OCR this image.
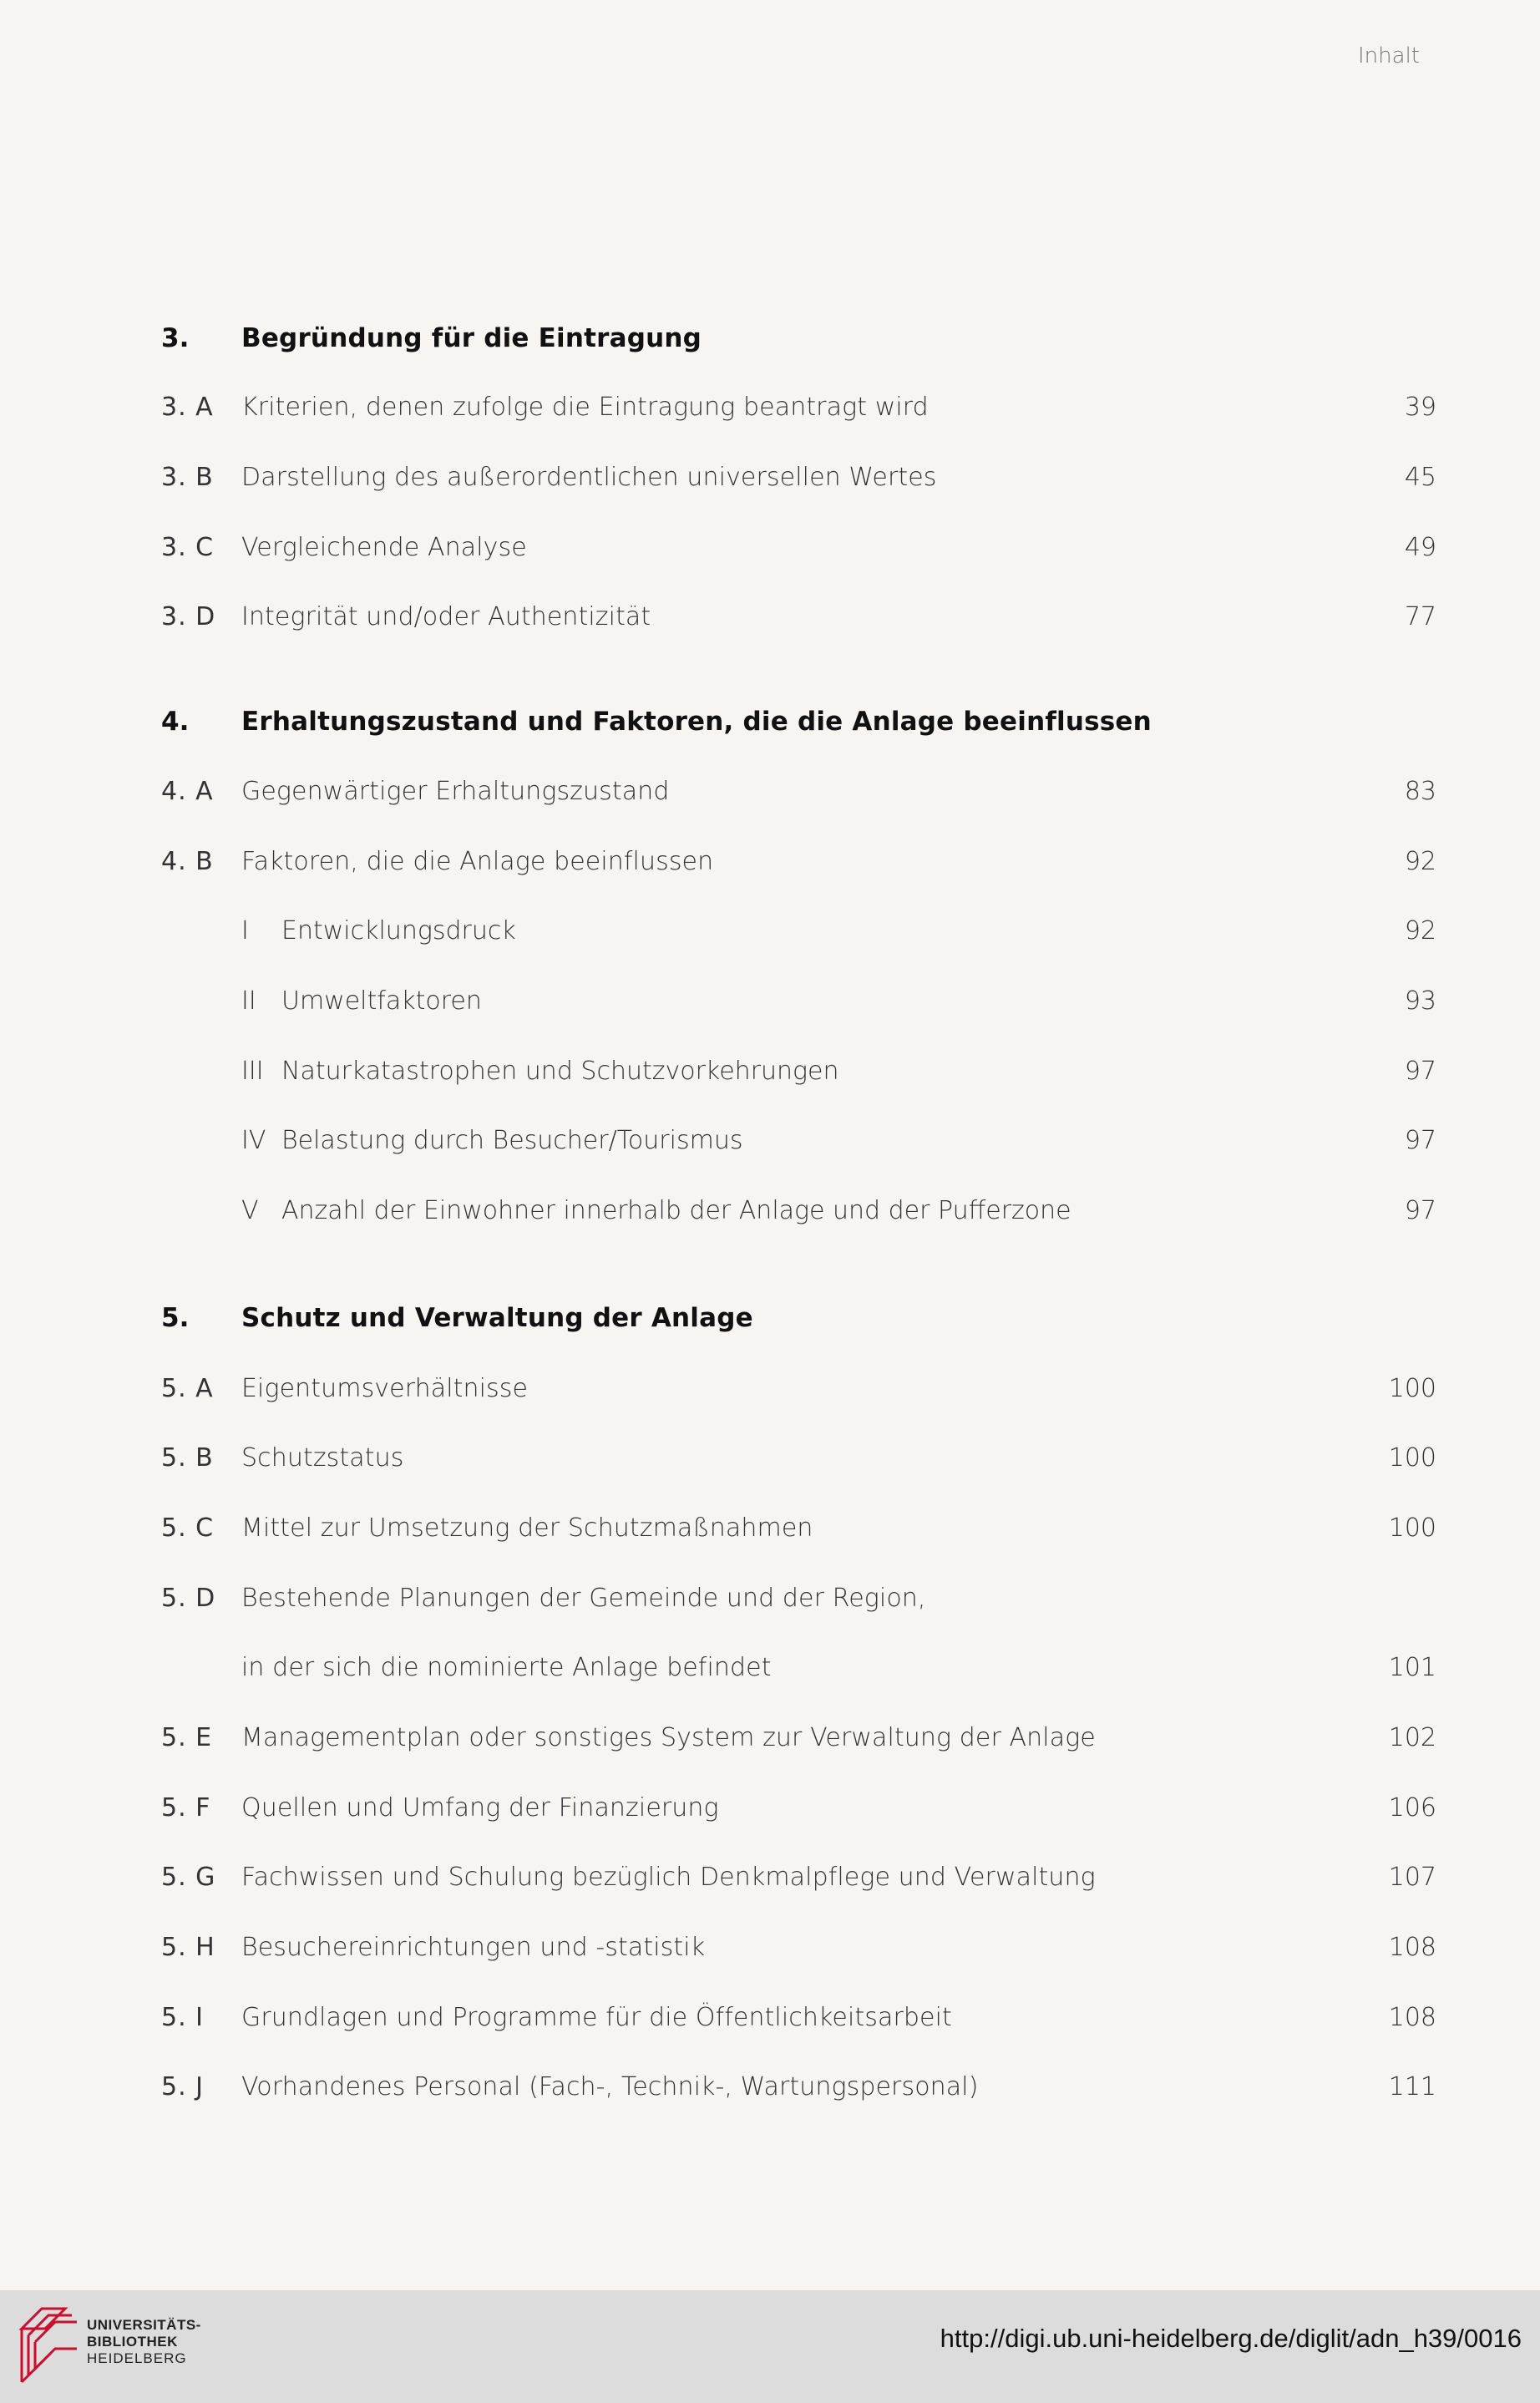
Inhalt
3. Begründung für die Eintragung
3. A Kriterien, denen zufolge die Eintragung beantragt wird	39
3. B Darstellung des außerordentlichen universellen Wertes	45
3. C Vergleichende Analyse	49
3. D Integrität und/oder Authentizität	77
4. Erhaltungszustand und Faktoren, die die Anlage beeinflussen
4. A Gegenwärtiger Erhaltungszustand	83
4. B Faktoren, die die Anlage beeinflussen	92
I Entwicklungsdruck	92
II Umweltfaktoren	93
III Naturkatastrophen und Schutzvorkehrungen	97
IV Belastung durch Besucher/Tourismus	97
V Anzahl der Einwohner innerhalb der Anlage und der Pufferzone	97
5. Schutz und Verwaltung der Anlage
5. A Eigentumsverhältnisse	100
5. B Schutzstatus	100
5. C Mittel zur Umsetzung der Schutzmaßnahmen	100
5. D Bestehende Planungen der Gemeinde und der Region,
in der sich die nominierte Anlage befindet	101
5. E Managementplan oder sonstiges System zur Verwaltung der Anlage	102
5. F Quellen und Umfang der Finanzierung	106
5. G Fachwissen und Schulung bezüglich Denkmalpflege und Verwaltung	107
5. H Besuchereinrichtungen und -statistik	108
5. I Grundlagen und Programme für die Öffentlichkeitsarbeit	108
5. J Vorhandenes Personal (Fach-, Technik-, Wartungspersonal)	111
UNIVERSITÄTS-
BIBLIOTHEK
HEIDELBERG
http://digi.ub.uni-heidelberg.de/diglit/adn_h39/0016
